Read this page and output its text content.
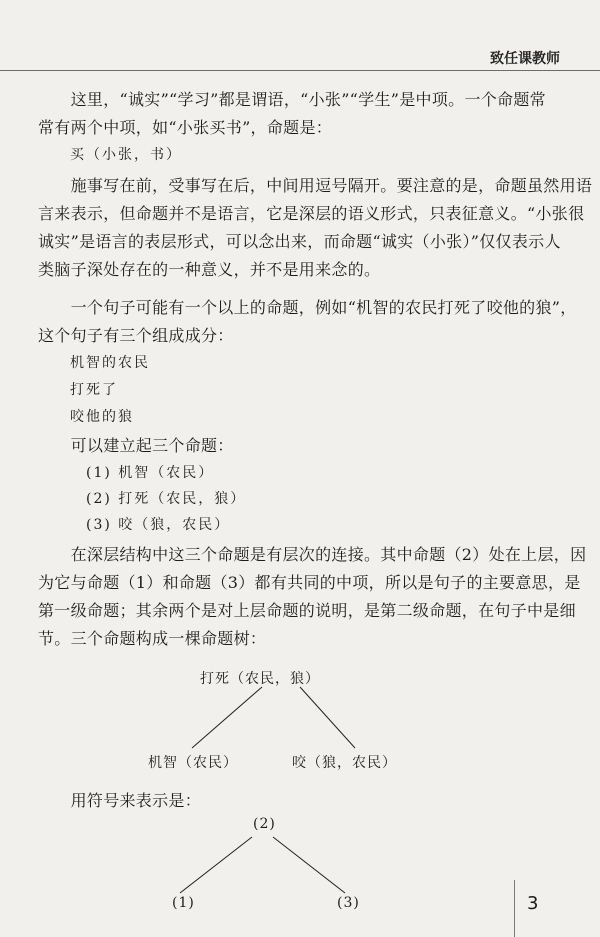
致任课教师
　　这里，“诚实”“学习”都是谓语，“小张”“学生”是中项。一个命题常
常有两个中项，如“小张买书”，命题是：
　　买（小张，书）
　　施事写在前，受事写在后，中间用逗号隔开。要注意的是，命题虽然用语
言来表示，但命题并不是语言，它是深层的语义形式，只表征意义。“小张很
诚实”是语言的表层形式，可以念出来，而命题“诚实（小张）”仅仅表示人
类脑子深处存在的一种意义，并不是用来念的。
　　一个句子可能有一个以上的命题，例如“机智的农民打死了咬他的狼”，
这个句子有三个组成成分：
　　机智的农民
　　打死了
　　咬他的狼
　　可以建立起三个命题：
　　　(1) 机智（农民）
　　　(2) 打死（农民，狼）
　　　(3) 咬（狼，农民）
　　在深层结构中这三个命题是有层次的连接。其中命题（2）处在上层，因
为它与命题（1）和命题（3）都有共同的中项，所以是句子的主要意思，是
第一级命题；其余两个是对上层命题的说明，是第二级命题，在句子中是细
节。三个命题构成一棵命题树：
打死（农民，狼）
机智（农民）	咬（狼，农民）
　　用符号来表示是：
(2)
(1)	(3)	3
